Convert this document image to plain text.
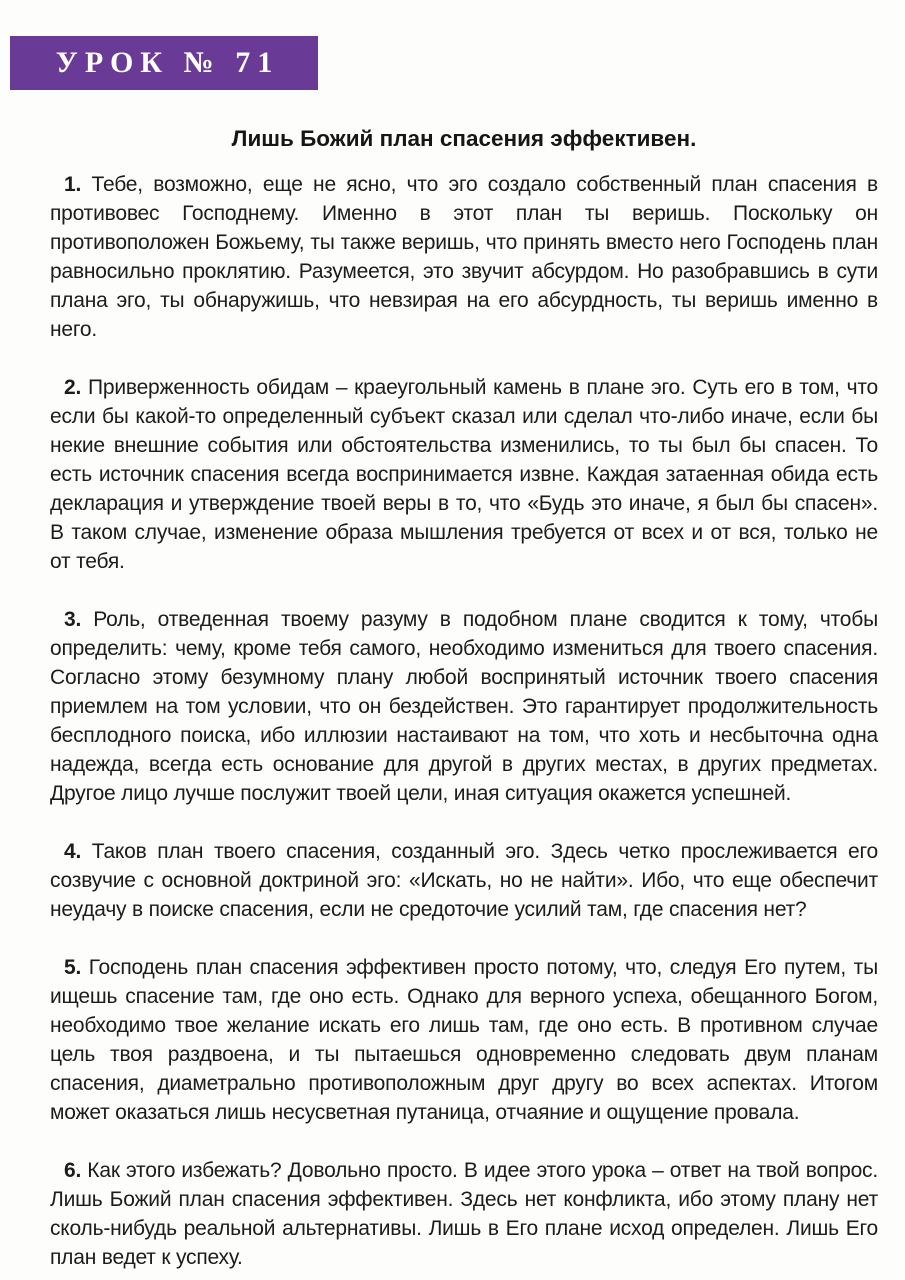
УРОК № 71
Лишь Божий план спасения эффективен.

1. Тебе, возможно, еще не ясно, что эго создало собственный план спасения в противовес Господнему. Именно в этот план ты веришь. Поскольку он противоположен Божьему, ты также веришь, что принять вместо него Господень план равносильно проклятию. Разумеется, это звучит абсурдом. Но разобравшись в сути плана эго, ты обнаружишь, что невзирая на его абсурдность, ты веришь именно в него.

2. Приверженность обидам – краеугольный камень в плане эго. Суть его в том, что если бы какой-то определенный субъект сказал или сделал что-либо иначе, если бы некие внешние события или обстоятельства изменились, то ты был бы спасен. То есть источник спасения всегда воспринимается извне. Каждая затаенная обида есть декларация и утверждение твоей веры в то, что «Будь это иначе, я был бы спасен». В таком случае, изменение образа мышления требуется от всех и от вся, только не от тебя.

3. Роль, отведенная твоему разуму в подобном плане сводится к тому, чтобы определить: чему, кроме тебя самого, необходимо измениться для твоего спасения. Согласно этому безумному плану любой воспринятый источник твоего спасения приемлем на том условии, что он бездействен. Это гарантирует продолжительность бесплодного поиска, ибо иллюзии настаивают на том, что хоть и несбыточна одна надежда, всегда есть основание для другой в других местах, в других предметах. Другое лицо лучше послужит твоей цели, иная ситуация окажется успешней.

4. Таков план твоего спасения, созданный эго. Здесь четко прослеживается его созвучие с основной доктриной эго: «Искать, но не найти». Ибо, что еще обеспечит неудачу в поиске спасения, если не средоточие усилий там, где спасения нет?

5. Господень план спасения эффективен просто потому, что, следуя Его путем, ты ищешь спасение там, где оно есть. Однако для верного успеха, обещанного Богом, необходимо твое желание искать его лишь там, где оно есть. В противном случае цель твоя раздвоена, и ты пытаешься одновременно следовать двум планам спасения, диаметрально противоположным друг другу во всех аспектах. Итогом может оказаться лишь несусветная путаница, отчаяние и ощущение провала.

6. Как этого избежать? Довольно просто. В идее этого урока – ответ на твой вопрос. Лишь Божий план спасения эффективен. Здесь нет конфликта, ибо этому плану нет сколь-нибудь реальной альтернативы. Лишь в Его плане исход определен. Лишь Его план ведет к успеху.
